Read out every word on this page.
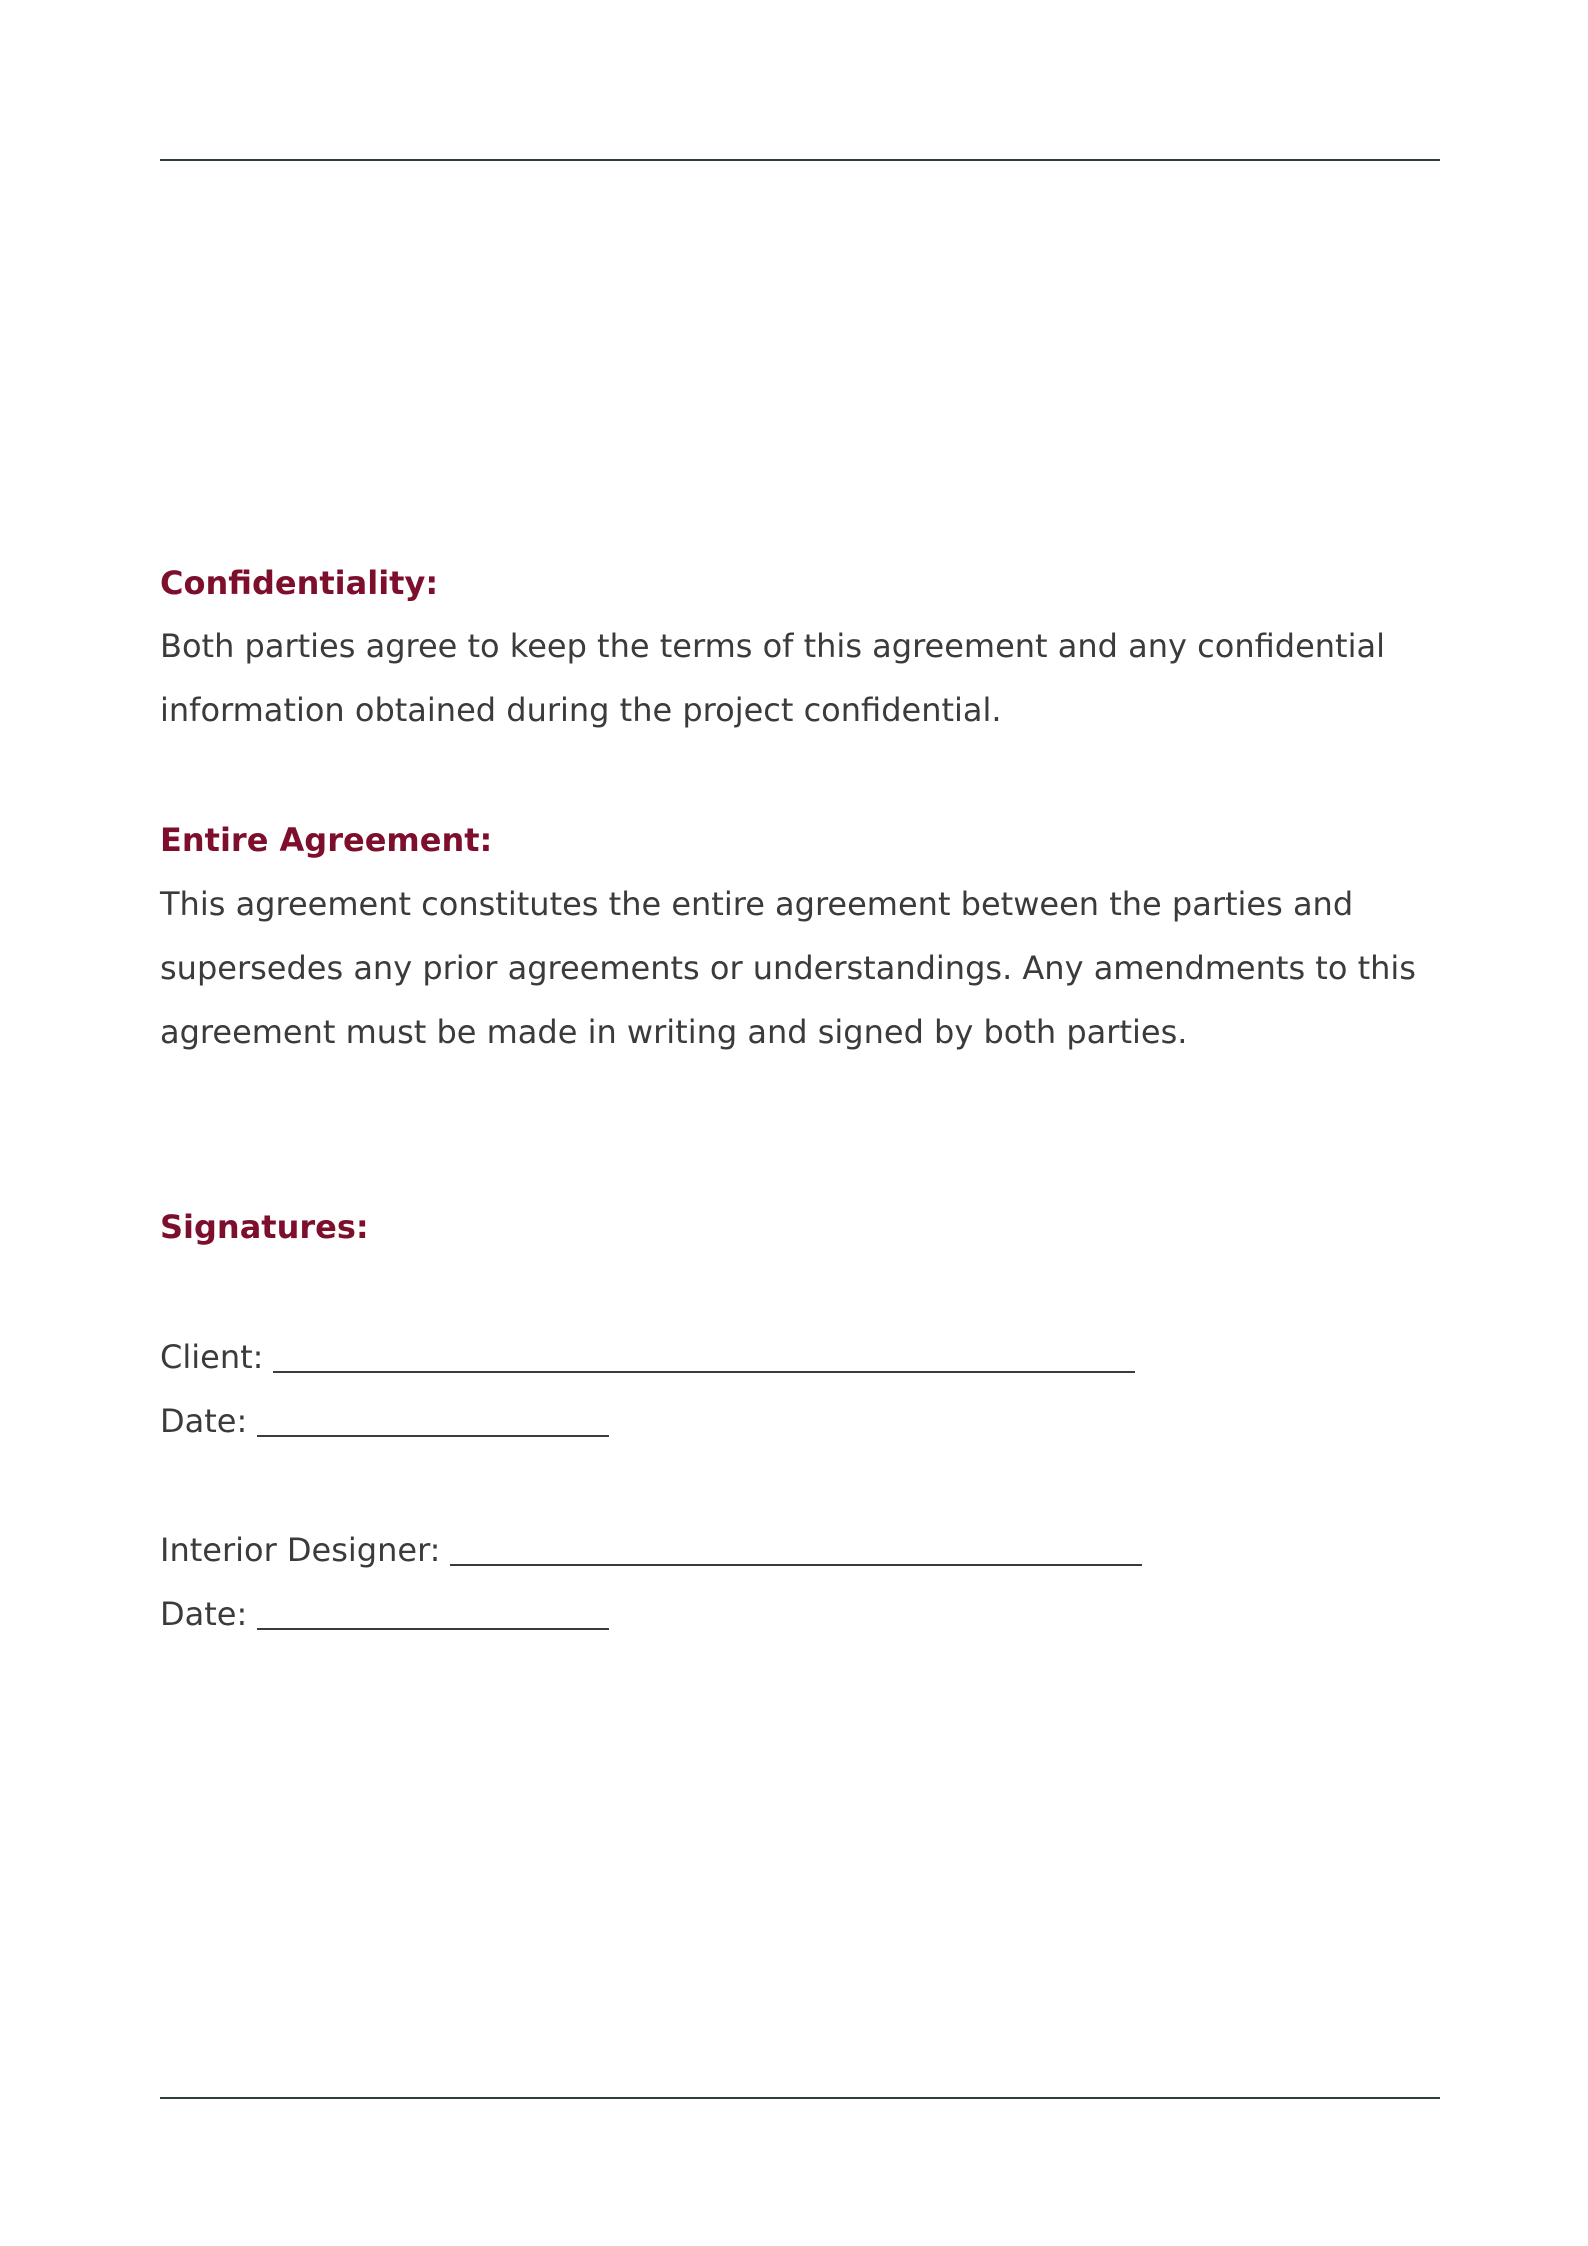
Confidentiality:

Both parties agree to keep the terms of this agreement and any confidential
information obtained during the project confidential.

Entire Agreement:

This agreement constitutes the entire agreement between the parties and
supersedes any prior agreements or understandings. Any amendments to this
agreement must be made in writing and signed by both parties.

Signatures:
Client:
Date:
Interior Designer:
Date:
